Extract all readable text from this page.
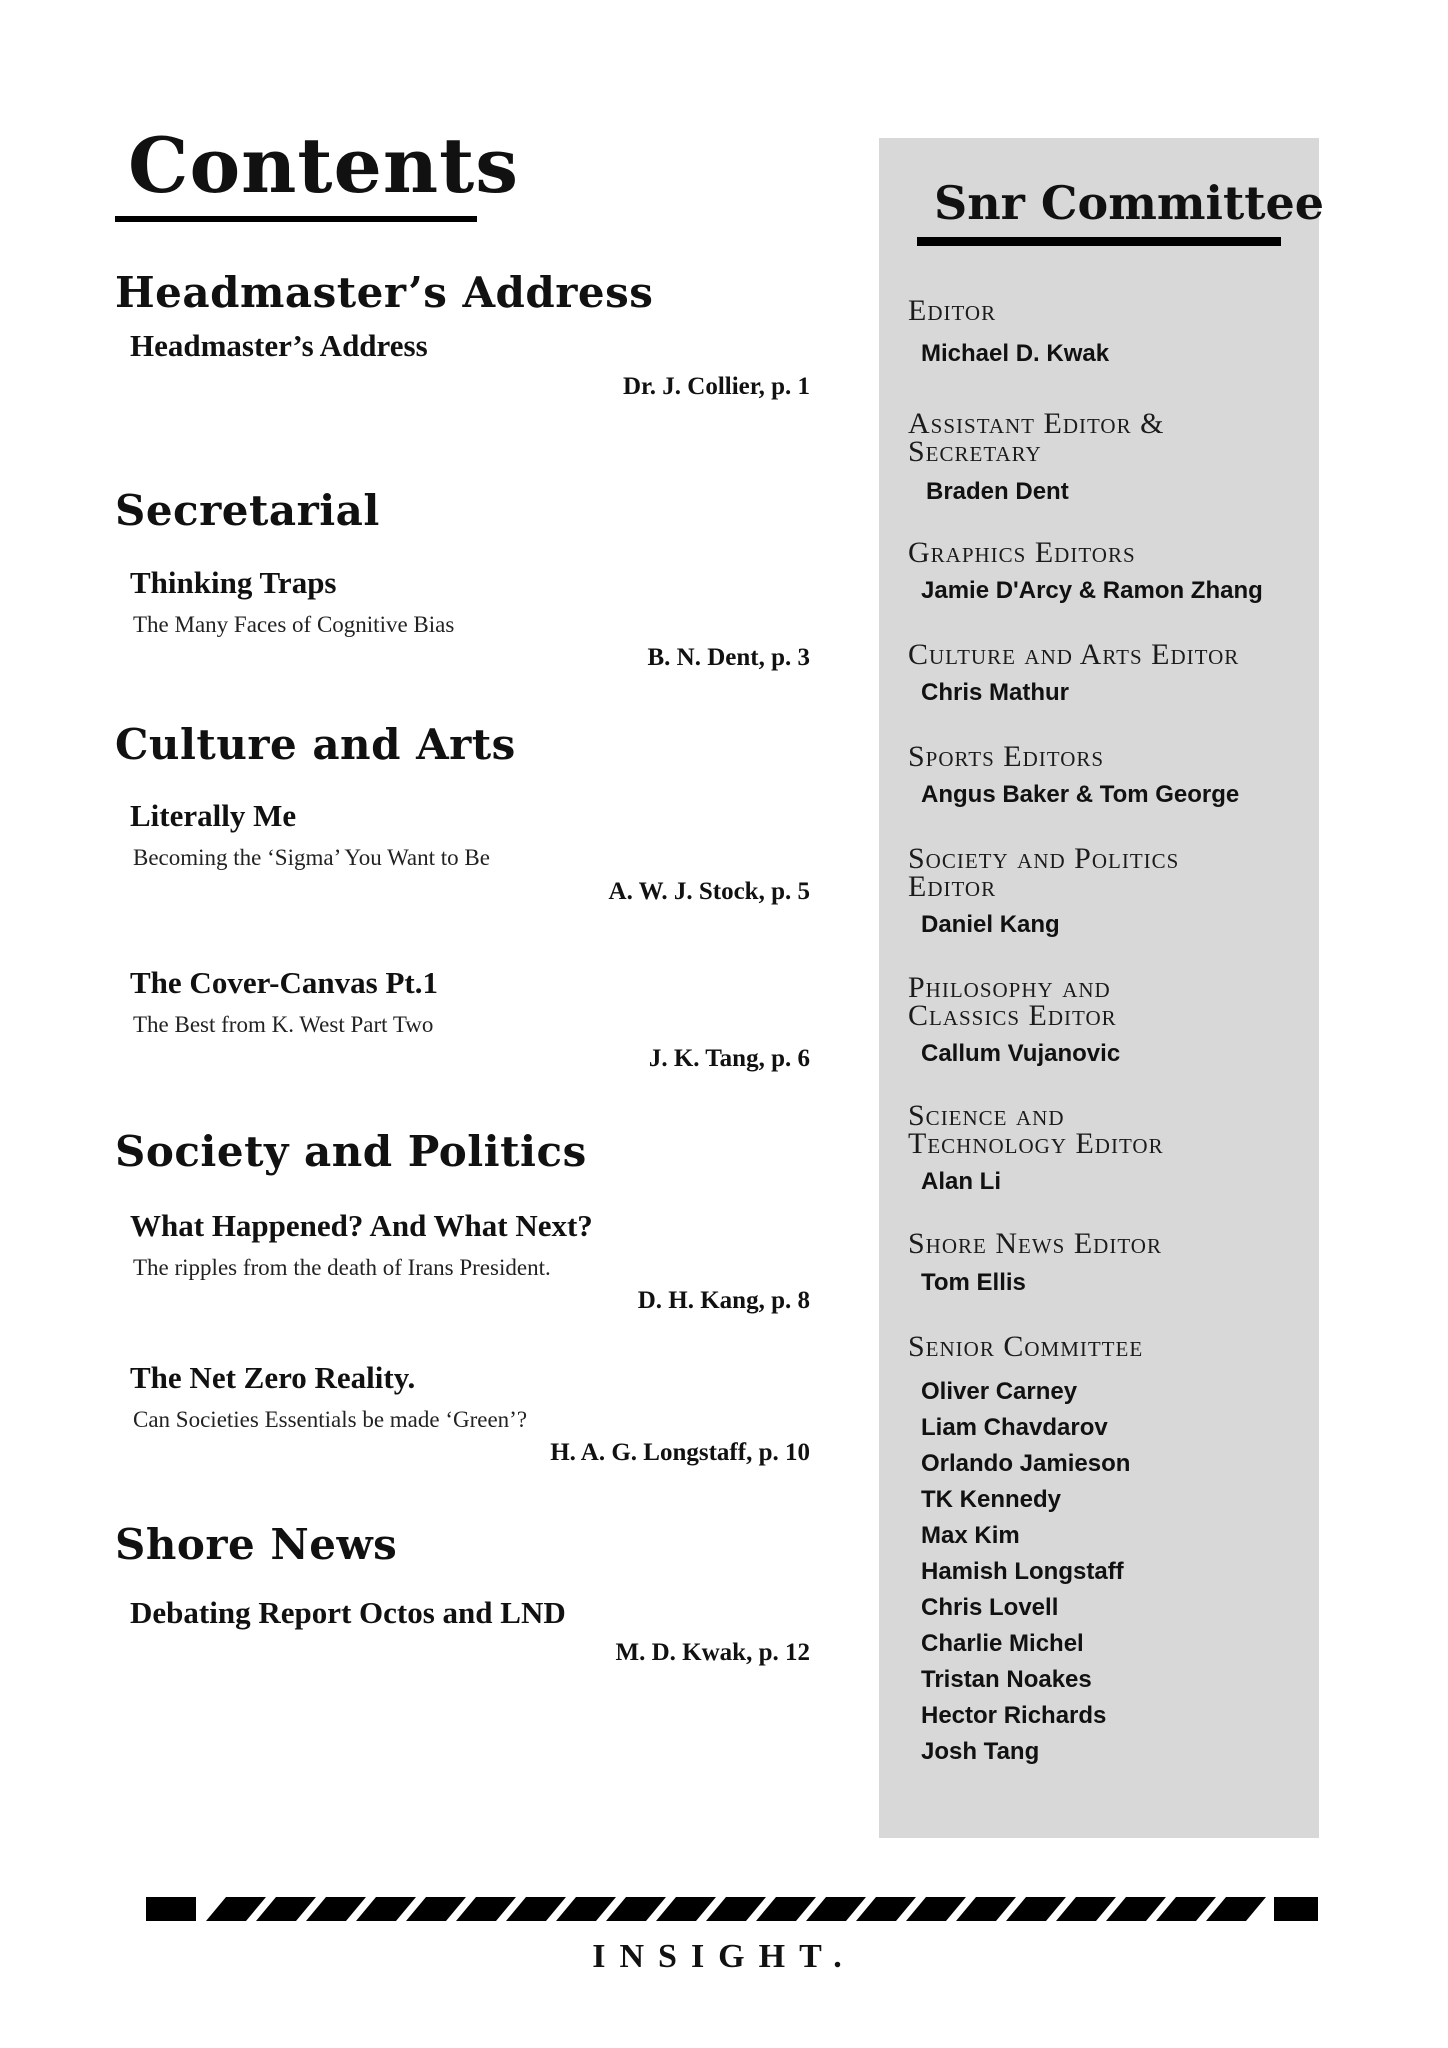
Contents
Headmaster’s Address
Headmaster’s Address
Dr. J. Collier, p. 1
Secretarial
Thinking Traps
The Many Faces of Cognitive Bias
B. N. Dent, p. 3
Culture and Arts
Literally Me
Becoming the ‘Sigma’ You Want to Be
A. W. J. Stock, p. 5
The Cover-Canvas Pt.1
The Best from K. West Part Two
J. K. Tang, p. 6
Society and Politics
What Happened? And What Next?
The ripples from the death of Irans President.
D. H. Kang, p. 8
The Net Zero Reality.
Can Societies Essentials be made ‘Green’?
H. A. G. Longstaff, p. 10
Shore News
Debating Report Octos and LND
M. D. Kwak, p. 12
Snr Committee
Editor
Michael D. Kwak
Assistant Editor & Secretary
Braden Dent
Graphics Editors
Jamie D'Arcy & Ramon Zhang
Culture and Arts Editor
Chris Mathur
Sports Editors
Angus Baker & Tom George
Society and Politics Editor
Daniel Kang
Philosophy and Classics Editor
Callum Vujanovic
Science and Technology Editor
Alan Li
Shore News Editor
Tom Ellis
Senior Committee
Oliver Carney
Liam Chavdarov
Orlando Jamieson
TK Kennedy
Max Kim
Hamish Longstaff
Chris Lovell
Charlie Michel
Tristan Noakes
Hector Richards
Josh Tang
INSIGHT.
